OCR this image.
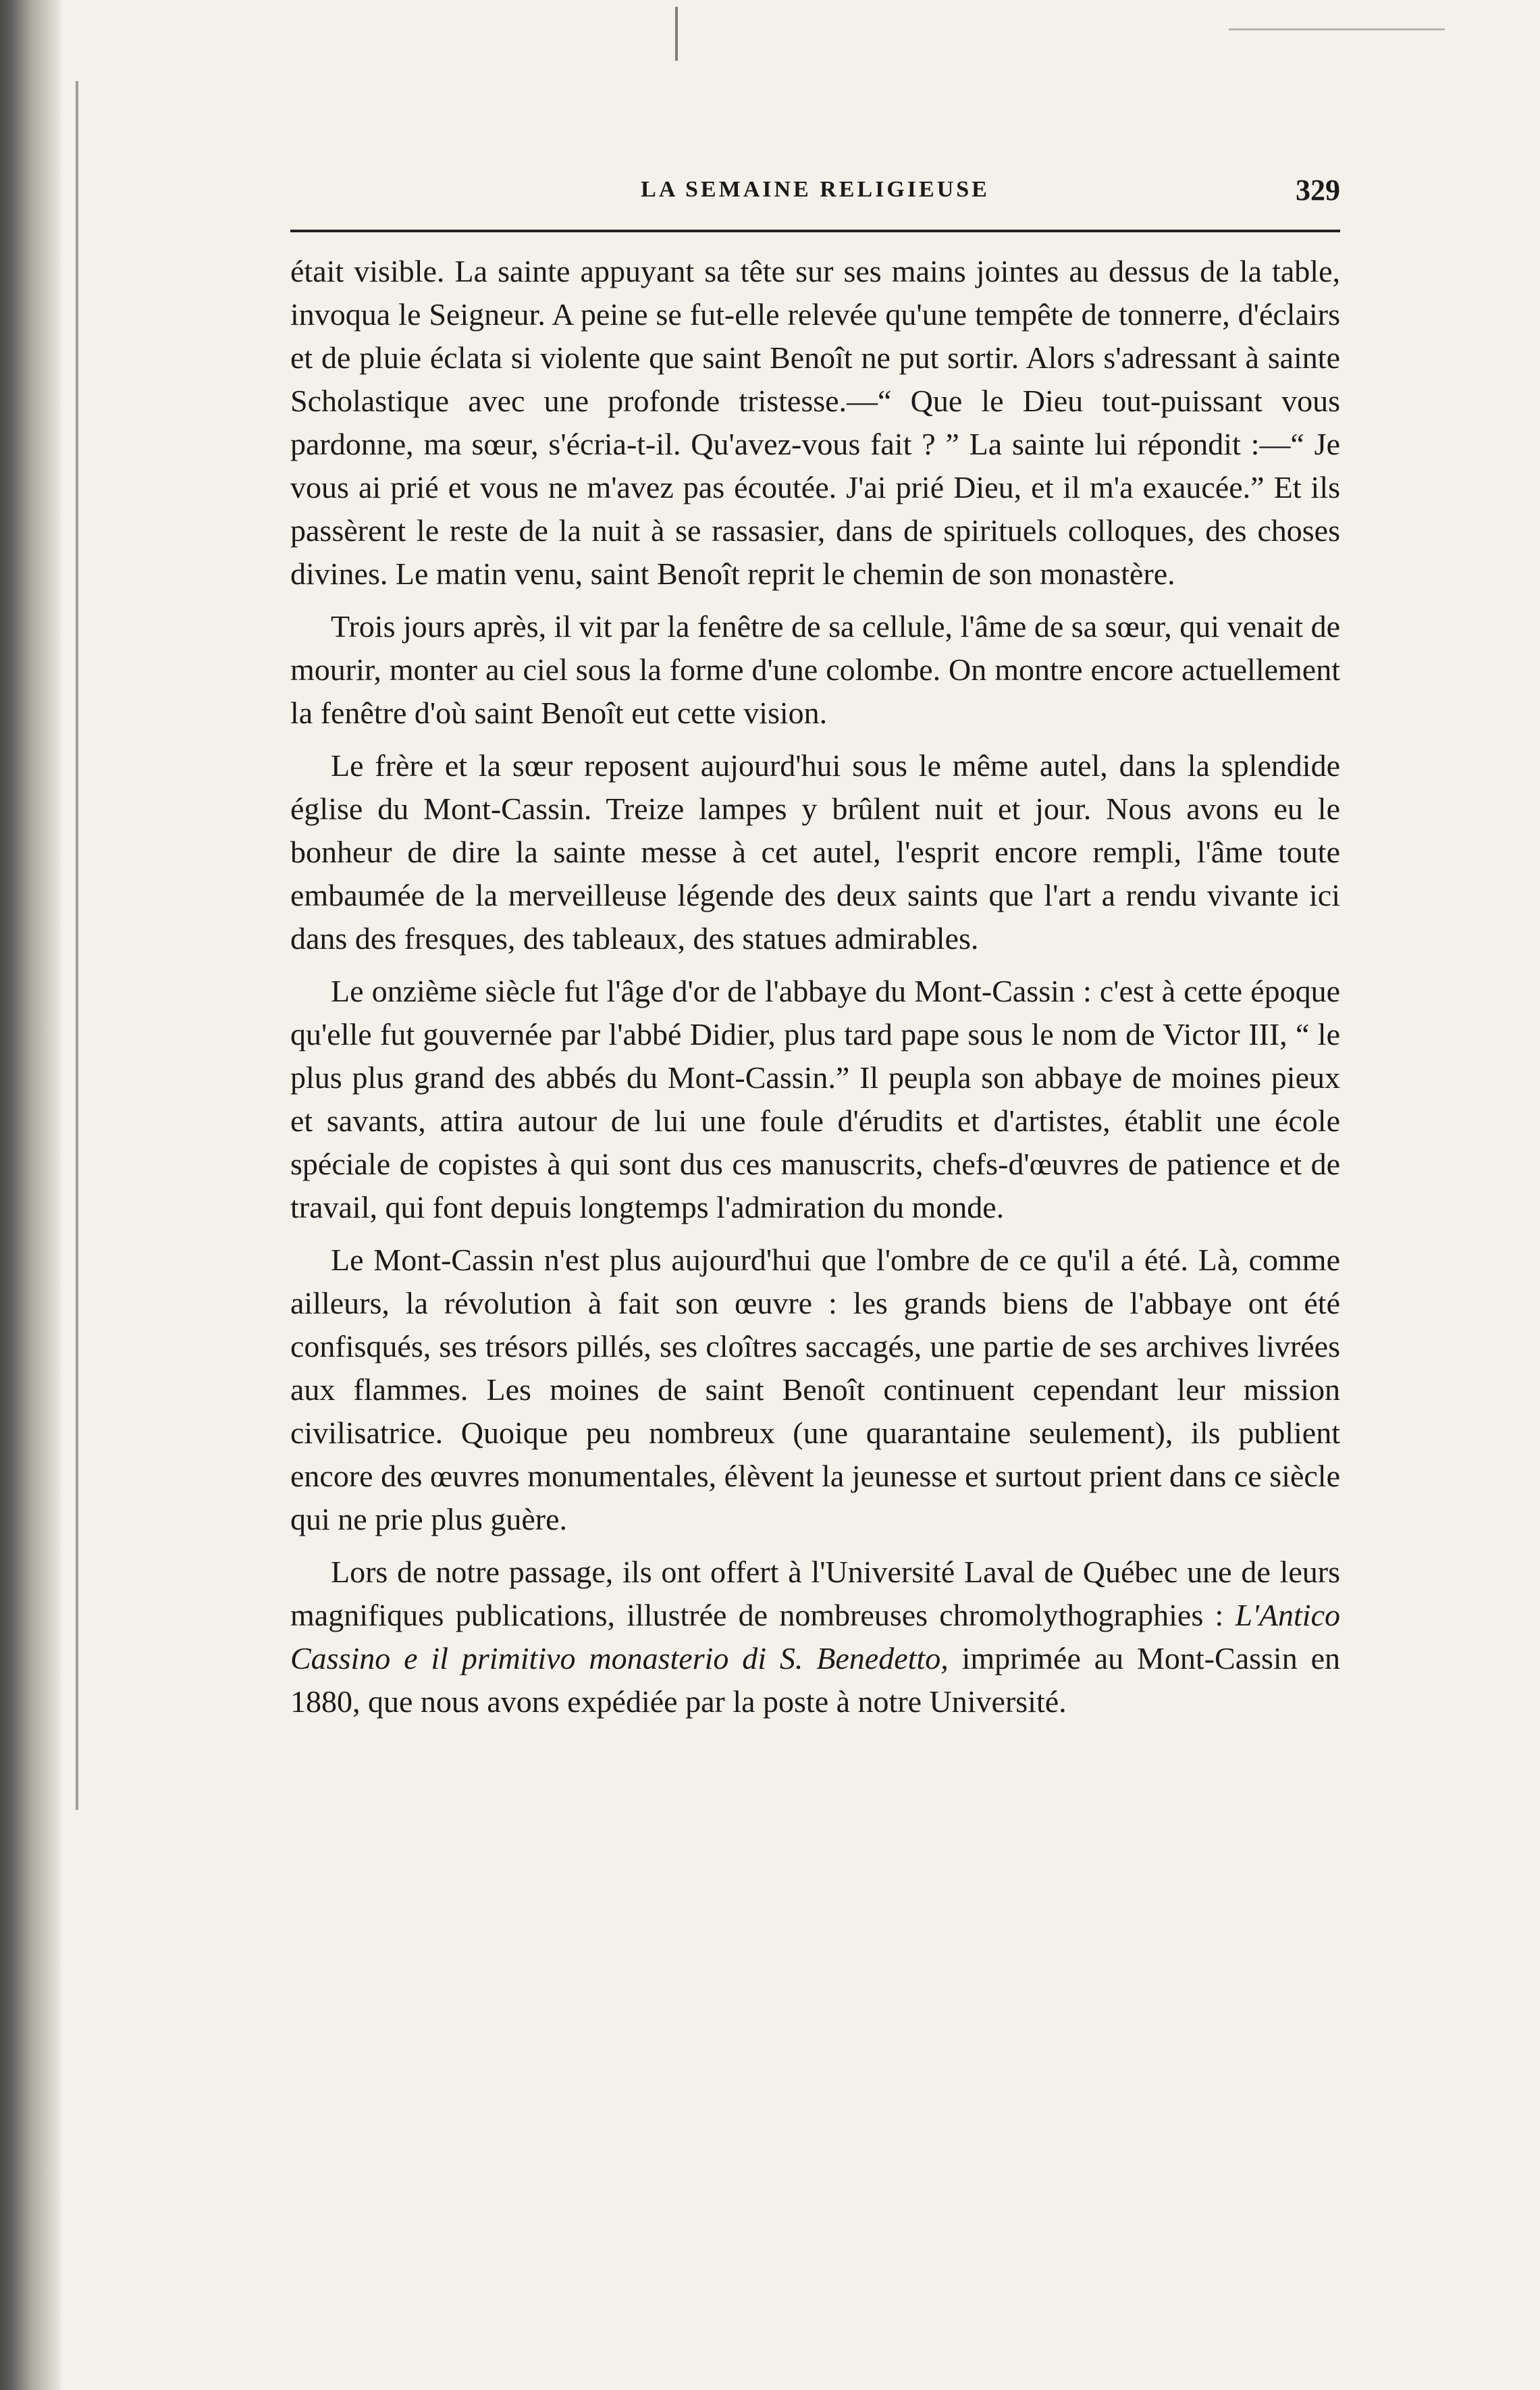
LA SEMAINE RELIGIEUSE	329

était visible. La sainte appuyant sa tête sur ses mains jointes au dessus de la table, invoqua le Seigneur. A peine se fut-elle relevée qu'une tempête de tonnerre, d'éclairs et de pluie éclata si violente que saint Benoît ne put sortir. Alors s'adressant à sainte Scholastique avec une profonde tristesse.—“ Que le Dieu tout-puissant vous pardonne, ma sœur, s'écria-t-il. Qu'avez-vous fait ? ” La sainte lui répondit :—“ Je vous ai prié et vous ne m'avez pas écoutée. J'ai prié Dieu, et il m'a exaucée.” Et ils passèrent le reste de la nuit à se rassasier, dans de spirituels colloques, des choses divines. Le matin venu, saint Benoît reprit le chemin de son monastère.

Trois jours après, il vit par la fenêtre de sa cellule, l'âme de sa sœur, qui venait de mourir, monter au ciel sous la forme d'une colombe. On montre encore actuellement la fenêtre d'où saint Benoît eut cette vision.

Le frère et la sœur reposent aujourd'hui sous le même autel, dans la splendide église du Mont-Cassin. Treize lampes y brûlent nuit et jour. Nous avons eu le bonheur de dire la sainte messe à cet autel, l'esprit encore rempli, l'âme toute embaumée de la merveilleuse légende des deux saints que l'art a rendu vivante ici dans des fresques, des tableaux, des statues admirables.

Le onzième siècle fut l'âge d'or de l'abbaye du Mont-Cassin : c'est à cette époque qu'elle fut gouvernée par l'abbé Didier, plus tard pape sous le nom de Victor III, “ le plus plus grand des abbés du Mont-Cassin.” Il peupla son abbaye de moines pieux et savants, attira autour de lui une foule d'érudits et d'artistes, établit une école spéciale de copistes à qui sont dus ces manuscrits, chefs-d'œuvres de patience et de travail, qui font depuis longtemps l'admiration du monde.

Le Mont-Cassin n'est plus aujourd'hui que l'ombre de ce qu'il a été. Là, comme ailleurs, la révolution à fait son œuvre : les grands biens de l'abbaye ont été confisqués, ses trésors pillés, ses cloîtres saccagés, une partie de ses archives livrées aux flammes. Les moines de saint Benoît continuent cependant leur mission civilisatrice. Quoique peu nombreux (une quarantaine seulement), ils publient encore des œuvres monumentales, élèvent la jeunesse et surtout prient dans ce siècle qui ne prie plus guère.

Lors de notre passage, ils ont offert à l'Université Laval de Québec une de leurs magnifiques publications, illustrée de nombreuses chromolythographies : L'Antico Cassino e il primitivo monasterio di S. Benedetto, imprimée au Mont-Cassin en 1880, que nous avons expédiée par la poste à notre Université.
